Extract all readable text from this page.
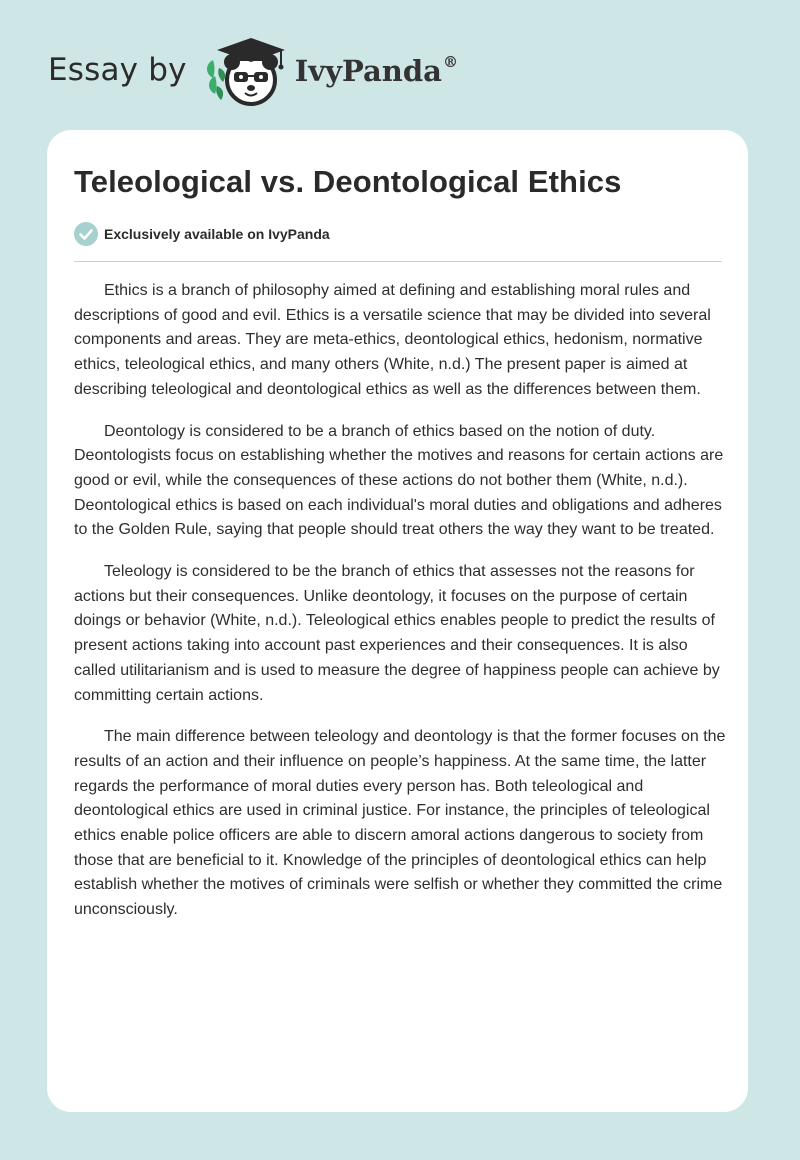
Essay by	IvyPanda®
Teleological vs. Deontological Ethics
Exclusively available on IvyPanda

Ethics is a branch of philosophy aimed at defining and establishing moral rules and descriptions of good and evil. Ethics is a versatile science that may be divided into several components and areas. They are meta-ethics, deontological ethics, hedonism, normative ethics, teleological ethics, and many others (White, n.d.) The present paper is aimed at describing teleological and deontological ethics as well as the differences between them.

Deontology is considered to be a branch of ethics based on the notion of duty. Deontologists focus on establishing whether the motives and reasons for certain actions are good or evil, while the consequences of these actions do not bother them (White, n.d.). Deontological ethics is based on each individual's moral duties and obligations and adheres to the Golden Rule, saying that people should treat others the way they want to be treated.

Teleology is considered to be the branch of ethics that assesses not the reasons for actions but their consequences. Unlike deontology, it focuses on the purpose of certain doings or behavior (White, n.d.). Teleological ethics enables people to predict the results of present actions taking into account past experiences and their consequences. It is also called utilitarianism and is used to measure the degree of happiness people can achieve by committing certain actions.

The main difference between teleology and deontology is that the former focuses on the results of an action and their influence on people’s happiness. At the same time, the latter regards the performance of moral duties every person has. Both teleological and deontological ethics are used in criminal justice. For instance, the principles of teleological ethics enable police officers are able to discern amoral actions dangerous to society from those that are beneficial to it. Knowledge of the principles of deontological ethics can help establish whether the motives of criminals were selfish or whether they committed the crime unconsciously.
